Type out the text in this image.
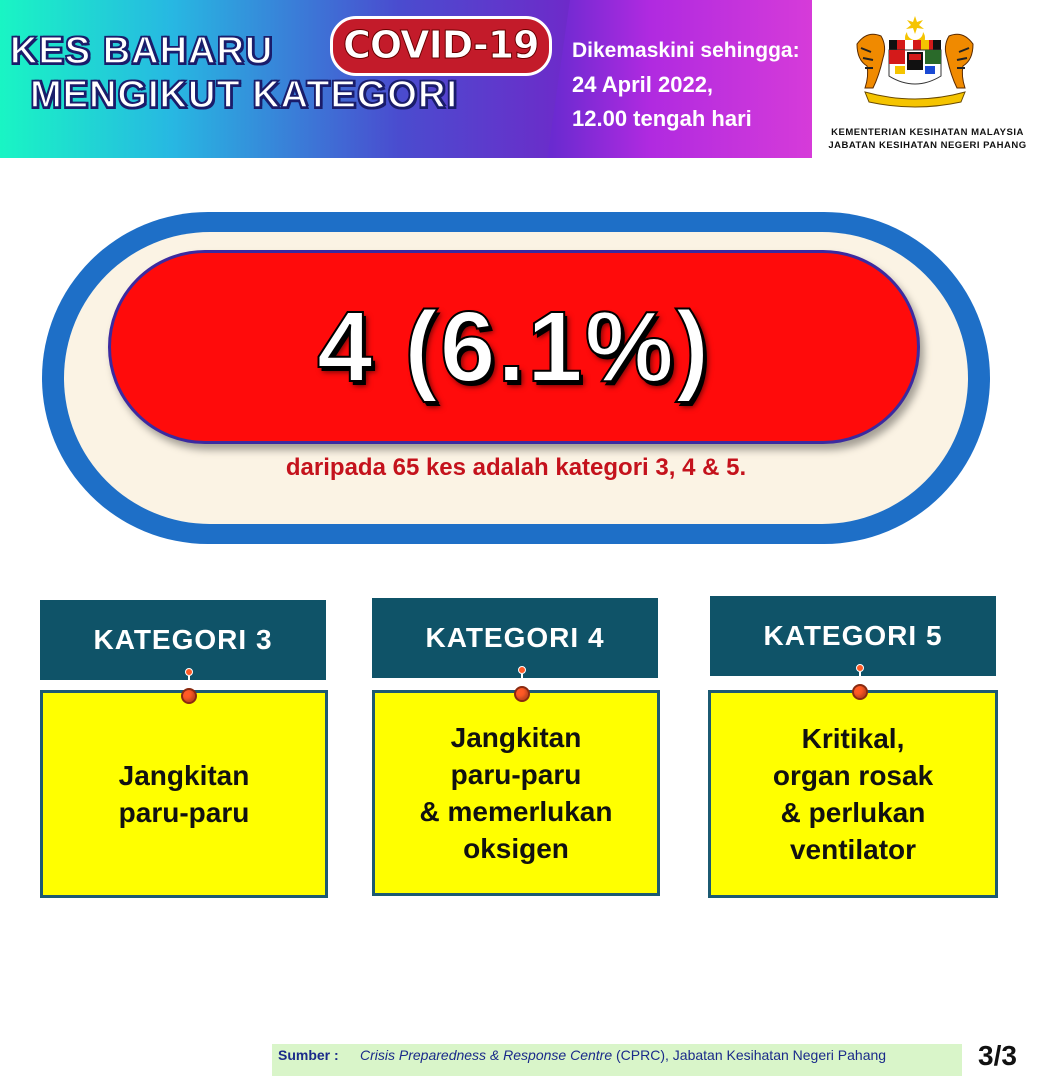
KES BAHARU	COVID-19
MENGIKUT KATEGORI
Dikemaskini sehingga:
24 April 2022,
12.00 tengah hari
KEMENTERIAN KESIHATAN MALAYSIA
JABATAN KESIHATAN NEGERI PAHANG
4 (6.1%)
daripada 65 kes adalah kategori 3, 4 & 5.
KATEGORI 3
Jangkitan
paru-paru
KATEGORI 4
Jangkitan
paru-paru
& memerlukan
oksigen
KATEGORI 5
Kritikal,
organ rosak
& perlukan
ventilator
Sumber : Crisis Preparedness & Response Centre (CPRC), Jabatan Kesihatan Negeri Pahang	3/3
